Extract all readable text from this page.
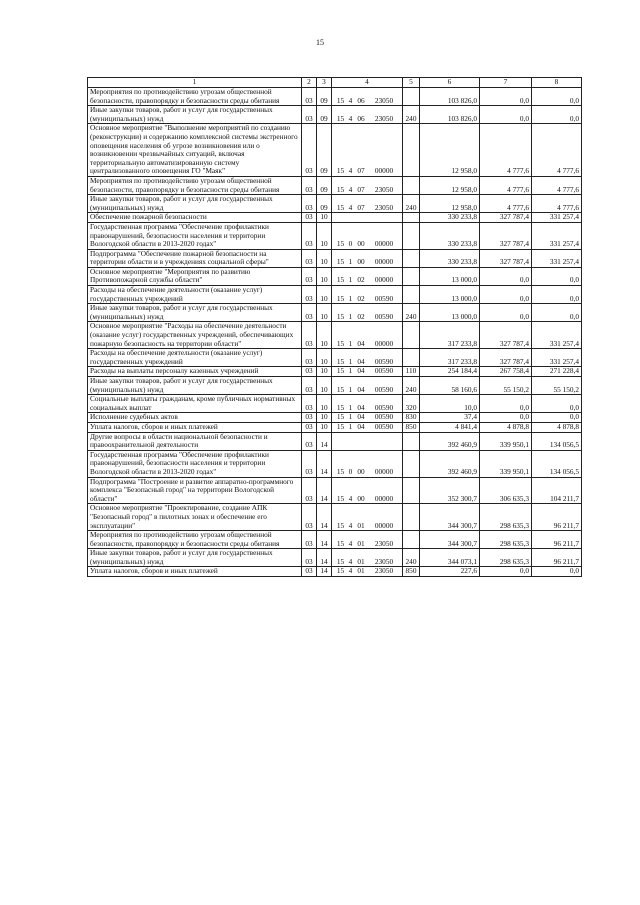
15
1	2	3	4	5	6	7	8
Мероприятия по противодействию угрозам общественной безопасности, правопорядку и безопасности среды обитания	03	09	15 4 06 23050		103 826,0	0,0	0,0
Иные закупки товаров, работ и услуг для государственных (муниципальных) нужд	03	09	15 4 06 23050	240	103 826,0	0,0	0,0
Основное мероприятие "Выполнение мероприятий по созданию (реконструкции) и содержанию комплексной системы экстренного оповещения населения об угрозе возникновения или о возникновении чрезвычайных ситуаций, включая территориальную автоматизированную систему централизованного оповещения ГО "Маяк"	03	09	15 4 07 00000		12 958,0	4 777,6	4 777,6
Мероприятия по противодействию угрозам общественной безопасности, правопорядку и безопасности среды обитания	03	09	15 4 07 23050		12 958,0	4 777,6	4 777,6
Иные закупки товаров, работ и услуг для государственных (муниципальных) нужд	03	09	15 4 07 23050	240	12 958,0	4 777,6	4 777,6
Обеспечение пожарной безопасности	03	10			330 233,8	327 787,4	331 257,4
Государственная программа "Обеспечение профилактики правонарушений, безопасности населения и территории Вологодской области в 2013-2020 годах"	03	10	15 0 00 00000		330 233,8	327 787,4	331 257,4
Подпрограмма "Обеспечение пожарной безопасности на территории области и в учреждениях социальной сферы"	03	10	15 1 00 00000		330 233,8	327 787,4	331 257,4
Основное мероприятие "Мероприятия по развитию Противопожарной службы области"	03	10	15 1 02 00000		13 000,0	0,0	0,0
Расходы на обеспечение деятельности (оказание услуг) государственных учреждений	03	10	15 1 02 00590		13 000,0	0,0	0,0
Иные закупки товаров, работ и услуг для государственных (муниципальных) нужд	03	10	15 1 02 00590	240	13 000,0	0,0	0,0
Основное мероприятие "Расходы на обеспечение деятельности (оказание услуг) государственных учреждений, обеспечивающих пожарную безопасность на территории области"	03	10	15 1 04 00000		317 233,8	327 787,4	331 257,4
Расходы на обеспечение деятельности (оказание услуг) государственных учреждений	03	10	15 1 04 00590		317 233,8	327 787,4	331 257,4
Расходы на выплаты персоналу казенных учреждений	03	10	15 1 04 00590	110	254 184,4	267 758,4	271 228,4
Иные закупки товаров, работ и услуг для государственных (муниципальных) нужд	03	10	15 1 04 00590	240	58 160,6	55 150,2	55 150,2
Социальные выплаты гражданам, кроме публичных нормативных социальных выплат	03	10	15 1 04 00590	320	10,0	0,0	0,0
Исполнение судебных актов	03	10	15 1 04 00590	830	37,4	0,0	0,0
Уплата налогов, сборов и иных платежей	03	10	15 1 04 00590	850	4 841,4	4 878,8	4 878,8
Другие вопросы в области национальной безопасности и правоохранительной деятельности	03	14			392 460,9	339 950,1	134 056,5
Государственная программа "Обеспечение профилактики правонарушений, безопасности населения и территории Вологодской области в 2013-2020 годах"	03	14	15 0 00 00000		392 460,9	339 950,1	134 056,5
Подпрограмма "Построение и развитие аппаратно-программного комплекса "Безопасный город" на территории Вологодской области"	03	14	15 4 00 00000		352 300,7	306 635,3	104 211,7
Основное мероприятие "Проектирование, создание АПК "Безопасный город" в пилотных зонах и обеспечение его эксплуатации"	03	14	15 4 01 00000		344 300,7	298 635,3	96 211,7
Мероприятия по противодействию угрозам общественной безопасности, правопорядку и безопасности среды обитания	03	14	15 4 01 23050		344 300,7	298 635,3	96 211,7
Иные закупки товаров, работ и услуг для государственных (муниципальных) нужд	03	14	15 4 01 23050	240	344 073,1	298 635,3	96 211,7
Уплата налогов, сборов и иных платежей	03	14	15 4 01 23050	850	227,6	0,0	0,0
